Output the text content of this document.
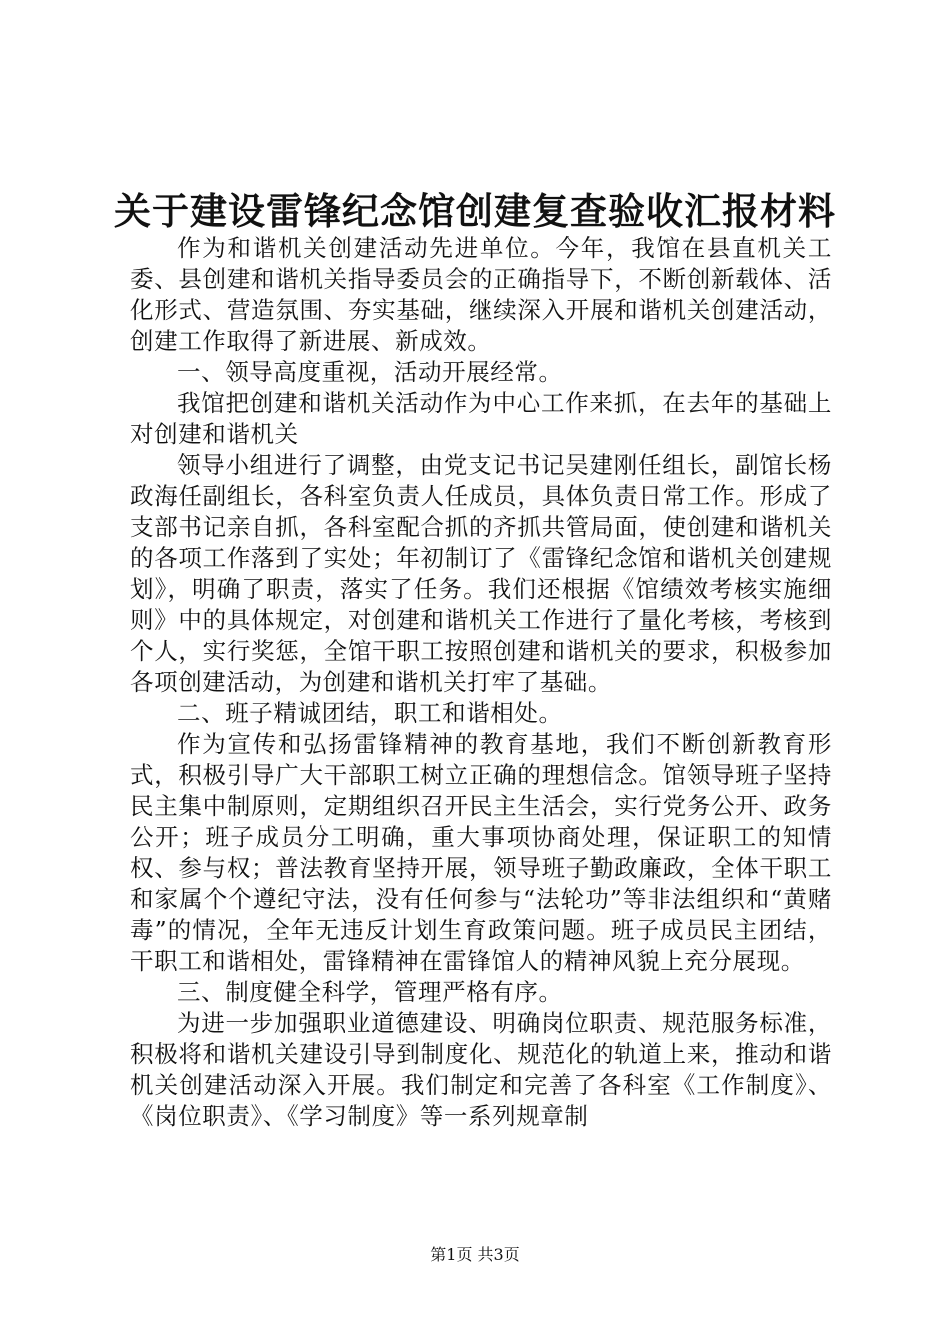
关于建设雷锋纪念馆创建复查验收汇报材料

作为和谐机关创建活动先进单位。今年，我馆在县直机关工委、县创建和谐机关指导委员会的正确指导下，不断创新载体、活化形式、营造氛围、夯实基础，继续深入开展和谐机关创建活动，创建工作取得了新进展、新成效。

一、领导高度重视，活动开展经常。

我馆把创建和谐机关活动作为中心工作来抓，在去年的基础上对创建和谐机关

领导小组进行了调整，由党支记书记吴建刚任组长，副馆长杨政海任副组长，各科室负责人任成员，具体负责日常工作。形成了支部书记亲自抓，各科室配合抓的齐抓共管局面，使创建和谐机关的各项工作落到了实处；年初制订了《雷锋纪念馆和谐机关创建规划》，明确了职责，落实了任务。我们还根据《馆绩效考核实施细则》中的具体规定，对创建和谐机关工作进行了量化考核，考核到个人，实行奖惩，全馆干职工按照创建和谐机关的要求，积极参加各项创建活动，为创建和谐机关打牢了基础。

二、班子精诚团结，职工和谐相处。

作为宣传和弘扬雷锋精神的教育基地，我们不断创新教育形式，积极引导广大干部职工树立正确的理想信念。馆领导班子坚持民主集中制原则，定期组织召开民主生活会，实行党务公开、政务公开；班子成员分工明确，重大事项协商处理，保证职工的知情权、参与权；普法教育坚持开展，领导班子勤政廉政，全体干职工和家属个个遵纪守法，没有任何参与“法轮功”等非法组织和“黄赌毒”的情况，全年无违反计划生育政策问题。班子成员民主团结，干职工和谐相处，雷锋精神在雷锋馆人的精神风貌上充分展现。

三、制度健全科学，管理严格有序。

为进一步加强职业道德建设、明确岗位职责、规范服务标准，积极将和谐机关建设引导到制度化、规范化的轨道上来，推动和谐机关创建活动深入开展。我们制定和完善了各科室《工作制度》、《岗位职责》、《学习制度》等一系列规章制

第1页 共3页
